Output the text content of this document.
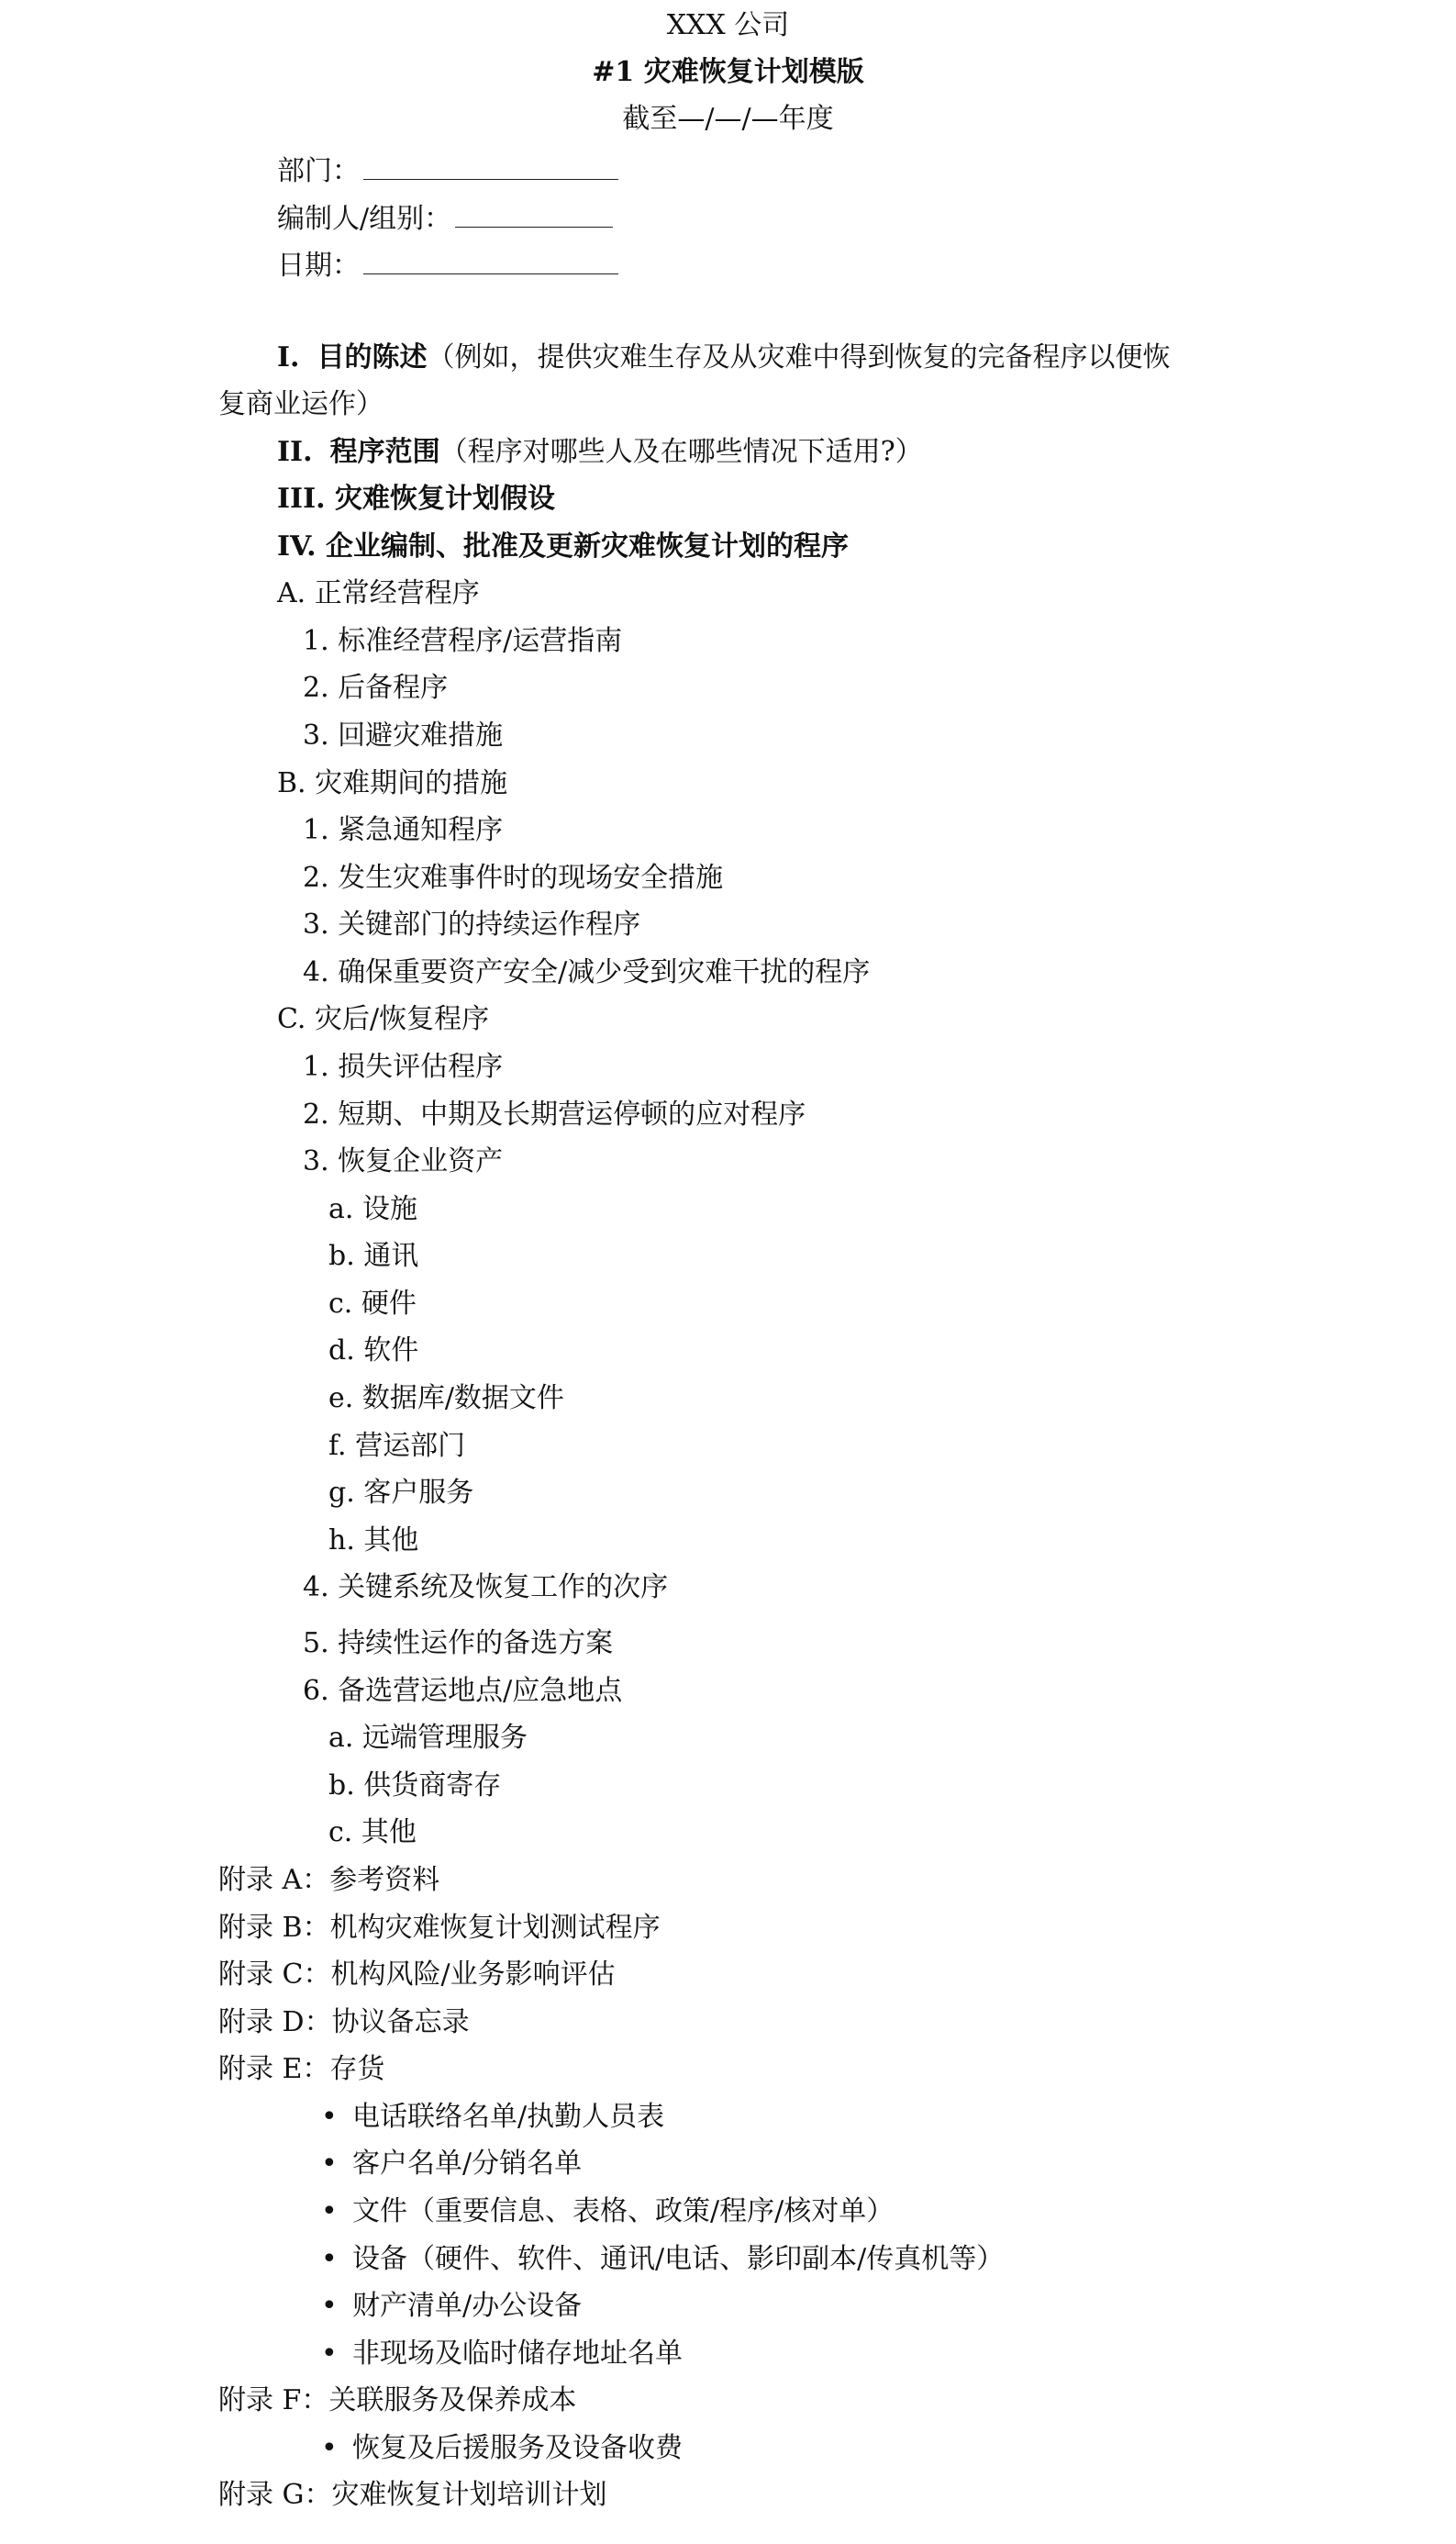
XXX 公司
#1 灾难恢复计划模版
截至—/—/—年度
部门：
编制人/组别：
日期：
I. 目的陈述（例如，提供灾难生存及从灾难中得到恢复的完备程序以便恢
复商业运作）
II. 程序范围（程序对哪些人及在哪些情况下适用?）
III. 灾难恢复计划假设
IV. 企业编制、批准及更新灾难恢复计划的程序
A. 正常经营程序
1. 标准经营程序/运营指南
2. 后备程序
3. 回避灾难措施
B. 灾难期间的措施
1. 紧急通知程序
2. 发生灾难事件时的现场安全措施
3. 关键部门的持续运作程序
4. 确保重要资产安全/减少受到灾难干扰的程序
C. 灾后/恢复程序
1. 损失评估程序
2. 短期、中期及长期营运停顿的应对程序
3. 恢复企业资产
a. 设施
b. 通讯
c. 硬件
d. 软件
e. 数据库/数据文件
f. 营运部门
g. 客户服务
h. 其他
4. 关键系统及恢复工作的次序
5. 持续性运作的备选方案
6. 备选营运地点/应急地点
a. 远端管理服务
b. 供货商寄存
c. 其他
附录 A：参考资料
附录 B：机构灾难恢复计划测试程序
附录 C：机构风险/业务影响评估
附录 D：协议备忘录
附录 E：存货
• 电话联络名单/执勤人员表
• 客户名单/分销名单
• 文件（重要信息、表格、政策/程序/核对单）
• 设备（硬件、软件、通讯/电话、影印副本/传真机等）
• 财产清单/办公设备
• 非现场及临时储存地址名单
附录 F：关联服务及保养成本
• 恢复及后援服务及设备收费
附录 G：灾难恢复计划培训计划
